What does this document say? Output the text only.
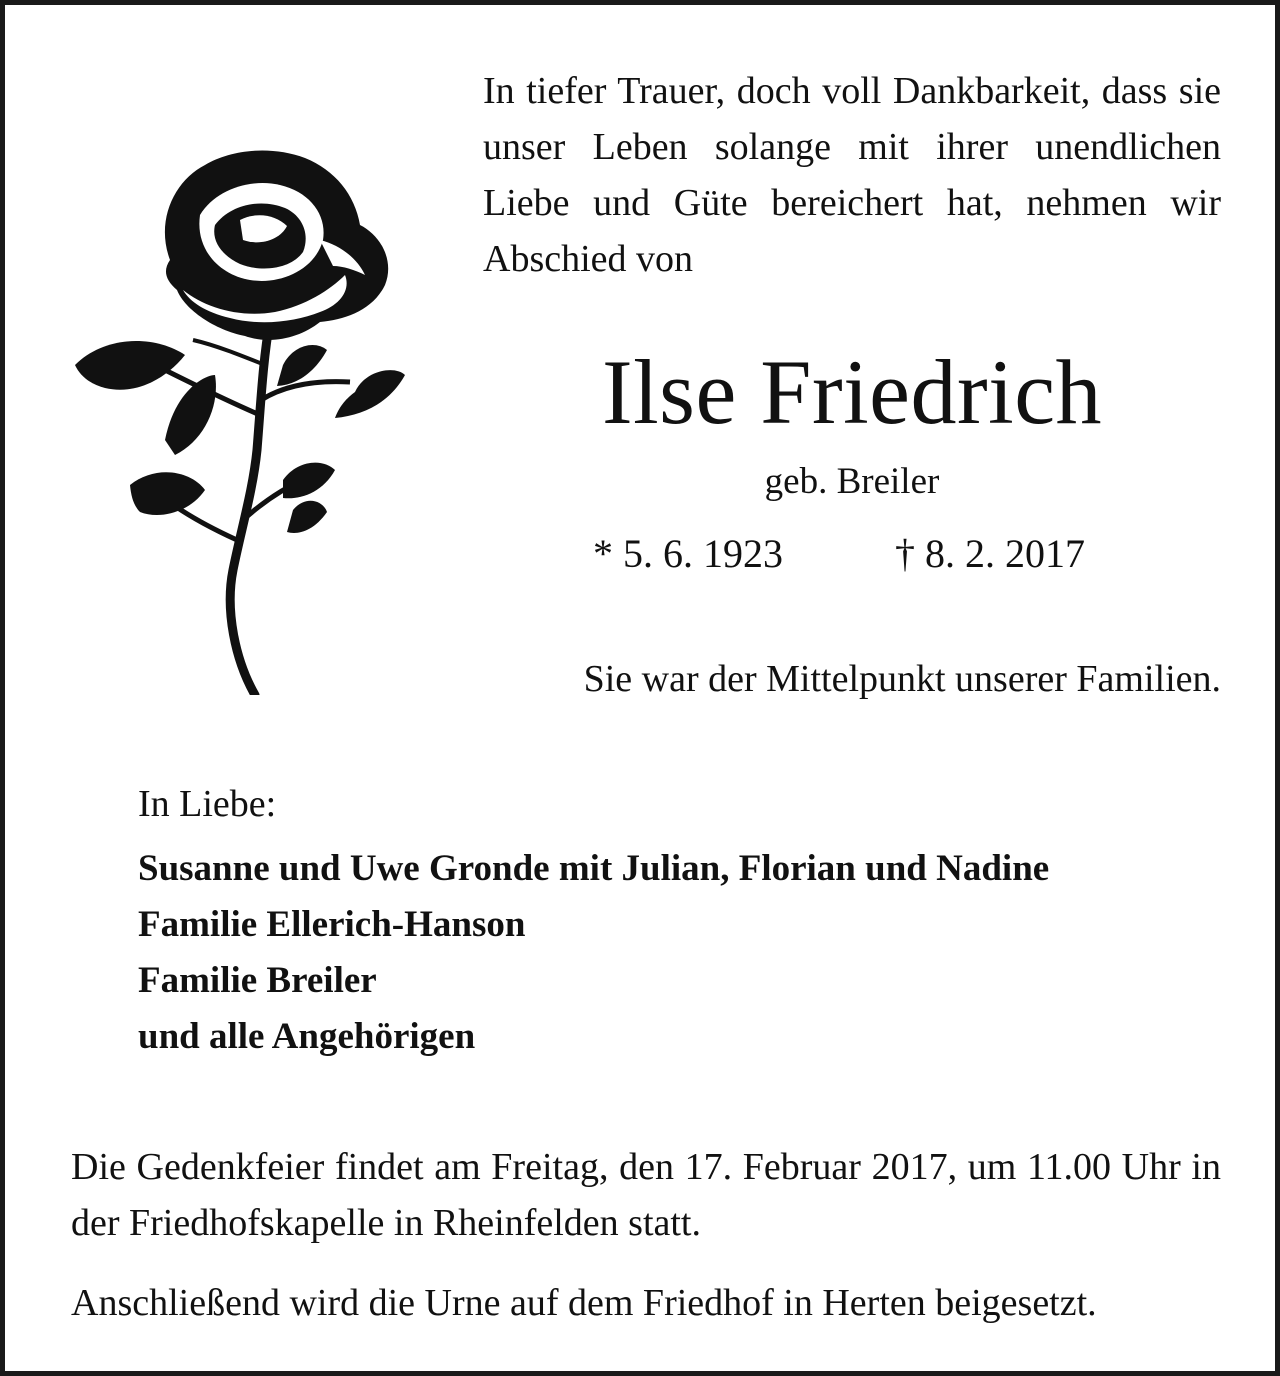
In tiefer Trauer, doch voll Dankbarkeit, dass sie unser Leben solange mit ihrer unendlichen Liebe und Güte bereichert hat, nehmen wir Abschied von

Ilse Friedrich

geb. Breiler

* 5. 6. 1923	† 8. 2. 2017

Sie war der Mittelpunkt unserer Familien.

In Liebe:

Susanne und Uwe Gronde mit Julian, Florian und Nadine
Familie Ellerich-Hanson
Familie Breiler
und alle Angehörigen

Die Gedenkfeier findet am Freitag, den 17. Februar 2017, um 11.00 Uhr in der Friedhofskapelle in Rheinfelden statt.

Anschließend wird die Urne auf dem Friedhof in Herten beigesetzt.
